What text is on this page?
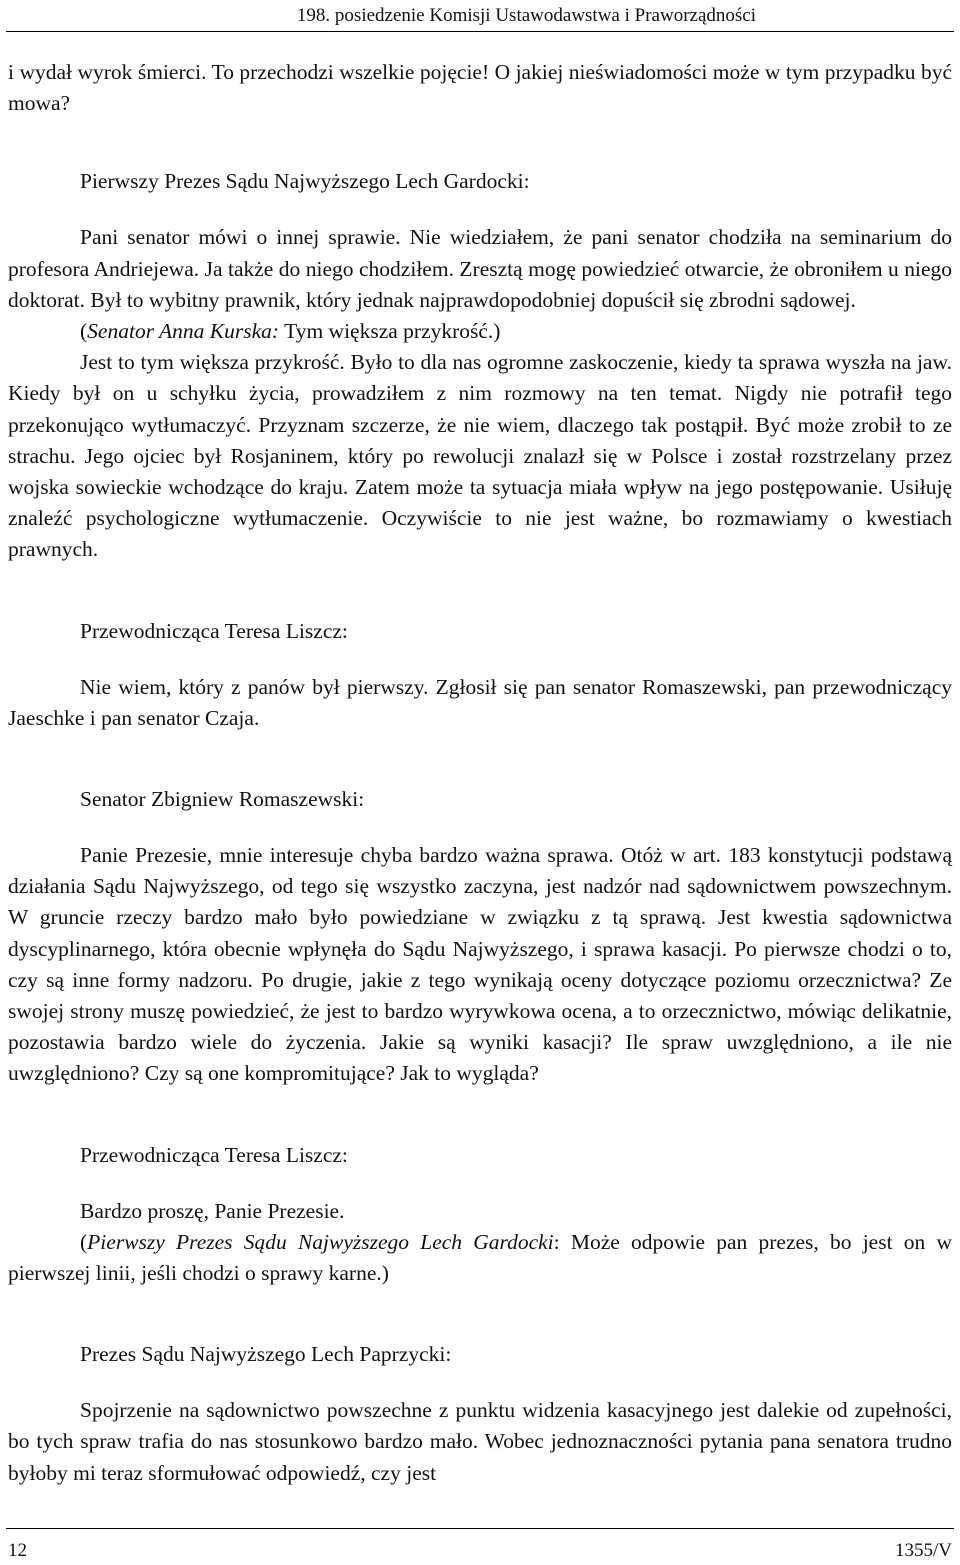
198. posiedzenie Komisji Ustawodawstwa i Praworządności

i wydał wyrok śmierci. To przechodzi wszelkie pojęcie! O jakiej nieświadomości może w tym przypadku być mowa?

Pierwszy Prezes Sądu Najwyższego Lech Gardocki:

Pani senator mówi o innej sprawie. Nie wiedziałem, że pani senator chodziła na seminarium do profesora Andriejewa. Ja także do niego chodziłem. Zresztą mogę powiedzieć otwarcie, że obroniłem u niego doktorat. Był to wybitny prawnik, który jednak najprawdopodobniej dopuścił się zbrodni sądowej.

(Senator Anna Kurska: Tym większa przykrość.)

Jest to tym większa przykrość. Było to dla nas ogromne zaskoczenie, kiedy ta sprawa wyszła na jaw. Kiedy był on u schyłku życia, prowadziłem z nim rozmowy na ten temat. Nigdy nie potrafił tego przekonująco wytłumaczyć. Przyznam szczerze, że nie wiem, dlaczego tak postąpił. Być może zrobił to ze strachu. Jego ojciec był Rosjaninem, który po rewolucji znalazł się w Polsce i został rozstrzelany przez wojska sowieckie wchodzące do kraju. Zatem może ta sytuacja miała wpływ na jego postępowanie. Usiłuję znaleźć psychologiczne wytłumaczenie. Oczywiście to nie jest ważne, bo rozmawiamy o kwestiach prawnych.

Przewodnicząca Teresa Liszcz:

Nie wiem, który z panów był pierwszy. Zgłosił się pan senator Romaszewski, pan przewodniczący Jaeschke i pan senator Czaja.

Senator Zbigniew Romaszewski:

Panie Prezesie, mnie interesuje chyba bardzo ważna sprawa. Otóż w art. 183 konstytucji podstawą działania Sądu Najwyższego, od tego się wszystko zaczyna, jest nadzór nad sądownictwem powszechnym. W gruncie rzeczy bardzo mało było powiedziane w związku z tą sprawą. Jest kwestia sądownictwa dyscyplinarnego, która obecnie wpłynęła do Sądu Najwyższego, i sprawa kasacji. Po pierwsze chodzi o to, czy są inne formy nadzoru. Po drugie, jakie z tego wynikają oceny dotyczące poziomu orzecznictwa? Ze swojej strony muszę powiedzieć, że jest to bardzo wyrywkowa ocena, a to orzecznictwo, mówiąc delikatnie, pozostawia bardzo wiele do życzenia. Jakie są wyniki kasacji? Ile spraw uwzględniono, a ile nie uwzględniono? Czy są one kompromitujące? Jak to wygląda?

Przewodnicząca Teresa Liszcz:

Bardzo proszę, Panie Prezesie.

(Pierwszy Prezes Sądu Najwyższego Lech Gardocki: Może odpowie pan prezes, bo jest on w pierwszej linii, jeśli chodzi o sprawy karne.)

Prezes Sądu Najwyższego Lech Paprzycki:

Spojrzenie na sądownictwo powszechne z punktu widzenia kasacyjnego jest dalekie od zupełności, bo tych spraw trafia do nas stosunkowo bardzo mało. Wobec jednoznaczności pytania pana senatora trudno byłoby mi teraz sformułować odpowiedź, czy jest

12	1355/V
